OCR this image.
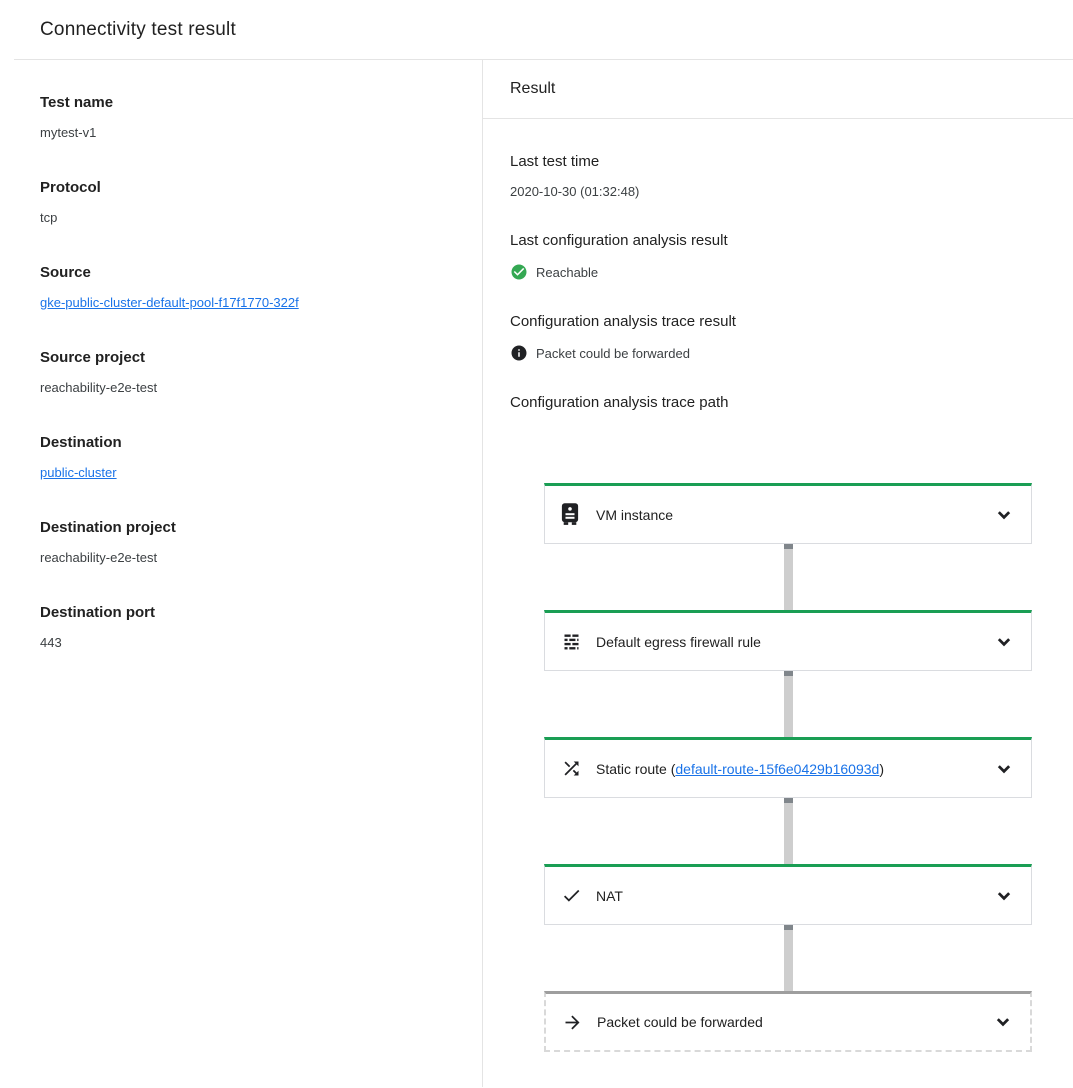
Connectivity test result
Test name
mytest-v1
Protocol
tcp
Source
gke-public-cluster-default-pool-f17f1770-322f
Source project
reachability-e2e-test
Destination
public-cluster
Destination project
reachability-e2e-test
Destination port
443
Result
Last test time
2020-10-30 (01:32:48)
Last configuration analysis result
Reachable
Configuration analysis trace result
Packet could be forwarded
Configuration analysis trace path
VM instance
Default egress firewall rule
Static route (default-route-15f6e0429b16093d)
NAT
Packet could be forwarded
